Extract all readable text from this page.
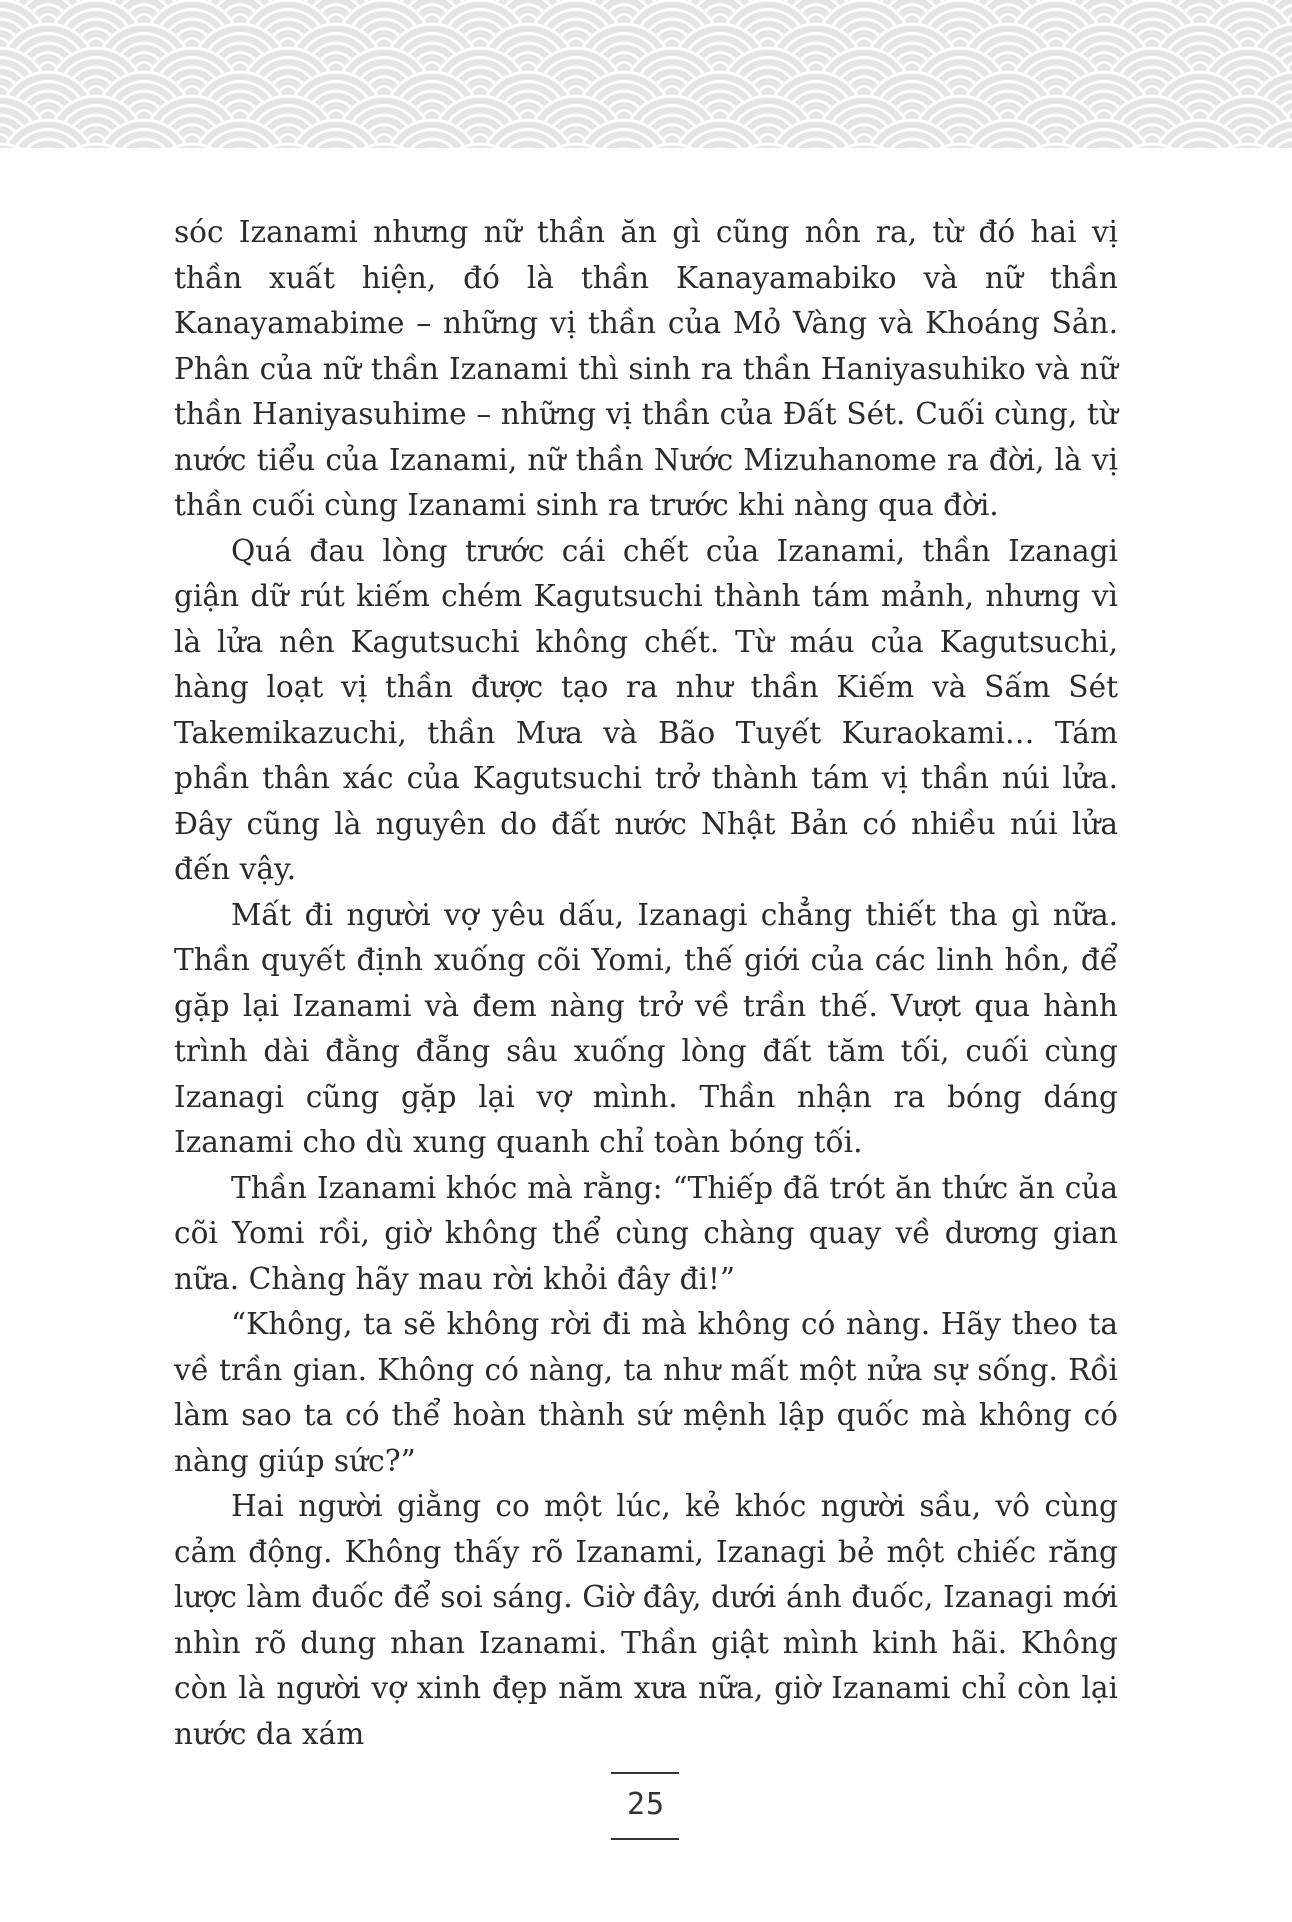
sóc Izanami nhưng nữ thần ăn gì cũng nôn ra, từ đó hai vị thần xuất hiện, đó là thần Kanayamabiko và nữ thần Kanayamabime – những vị thần của Mỏ Vàng và Khoáng Sản. Phân của nữ thần Izanami thì sinh ra thần Haniyasuhiko và nữ thần Haniyasuhime – những vị thần của Đất Sét. Cuối cùng, từ nước tiểu của Izanami, nữ thần Nước Mizuhanome ra đời, là vị thần cuối cùng Izanami sinh ra trước khi nàng qua đời.

Quá đau lòng trước cái chết của Izanami, thần Izanagi giận dữ rút kiếm chém Kagutsuchi thành tám mảnh, nhưng vì là lửa nên Kagutsuchi không chết. Từ máu của Kagutsuchi, hàng loạt vị thần được tạo ra như thần Kiếm và Sấm Sét Takemikazuchi, thần Mưa và Bão Tuyết Kuraokami… Tám phần thân xác của Kagutsuchi trở thành tám vị thần núi lửa. Đây cũng là nguyên do đất nước Nhật Bản có nhiều núi lửa đến vậy.

Mất đi người vợ yêu dấu, Izanagi chẳng thiết tha gì nữa. Thần quyết định xuống cõi Yomi, thế giới của các linh hồn, để gặp lại Izanami và đem nàng trở về trần thế. Vượt qua hành trình dài đằng đẵng sâu xuống lòng đất tăm tối, cuối cùng Izanagi cũng gặp lại vợ mình. Thần nhận ra bóng dáng Izanami cho dù xung quanh chỉ toàn bóng tối.

Thần Izanami khóc mà rằng: “Thiếp đã trót ăn thức ăn của cõi Yomi rồi, giờ không thể cùng chàng quay về dương gian nữa. Chàng hãy mau rời khỏi đây đi!”

“Không, ta sẽ không rời đi mà không có nàng. Hãy theo ta về trần gian. Không có nàng, ta như mất một nửa sự sống. Rồi làm sao ta có thể hoàn thành sứ mệnh lập quốc mà không có nàng giúp sức?”

Hai người giằng co một lúc, kẻ khóc người sầu, vô cùng cảm động. Không thấy rõ Izanami, Izanagi bẻ một chiếc răng lược làm đuốc để soi sáng. Giờ đây, dưới ánh đuốc, Izanagi mới nhìn rõ dung nhan Izanami. Thần giật mình kinh hãi. Không còn là người vợ xinh đẹp năm xưa nữa, giờ Izanami chỉ còn lại nước da xám

25
